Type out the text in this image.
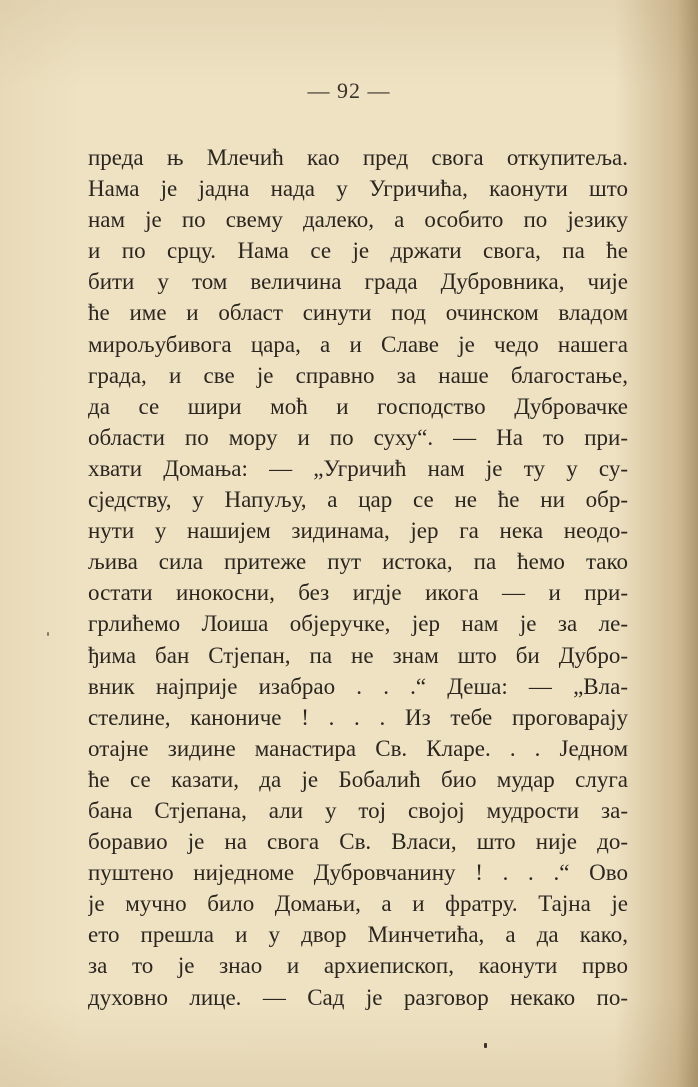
— 92 —
преда њ Млечић као пред свога откупитеља.
Нама је јадна нада у Угричића, каонути што
нам је по свему далеко, а особито по језику
и по срцу. Нама се је држати свога, па ће
бити у том величина града Дубровника, чије
ће име и област синути под очинском владом
мирољубивога цара, а и Славе је чедо нашега
града, и све је справно за наше благостање,
да се шири моћ и господство Дубровачке
области по мору и по суху“. — На то при-
хвати Домања: — „Угричић нам је ту у су-
сједству, у Напуљу, а цар се не ће ни обр-
нути у нашијем зидинама, јер га нека неодо-
љива сила притеже пут истока, па ћемо тако
остати инокосни, без игдје икога — и при-
грлићемо Лоиша објеручке, јер нам је за ле-
ђима бан Стјепан, па не знам што би Дубро-
вник најприје изабрао . . .“ Деша: — „Вла-
стелине, канониче ! . . . Из тебе проговарају
отајне зидине манастира Св. Кларе. . . Једном
ће се казати, да је Бобалић био мудар слуга
бана Стјепана, али у тој својој мудрости за-
боравио је на свога Св. Власи, што није до-
пуштено ниједноме Дубровчанину ! . . .“ Ово
је мучно било Домањи, а и фратру. Тајна је
ето прешла и у двор Минчетића, а да како,
за то је знао и архиепископ, каонути прво
духовно лице. — Сад је разговор некако по-
